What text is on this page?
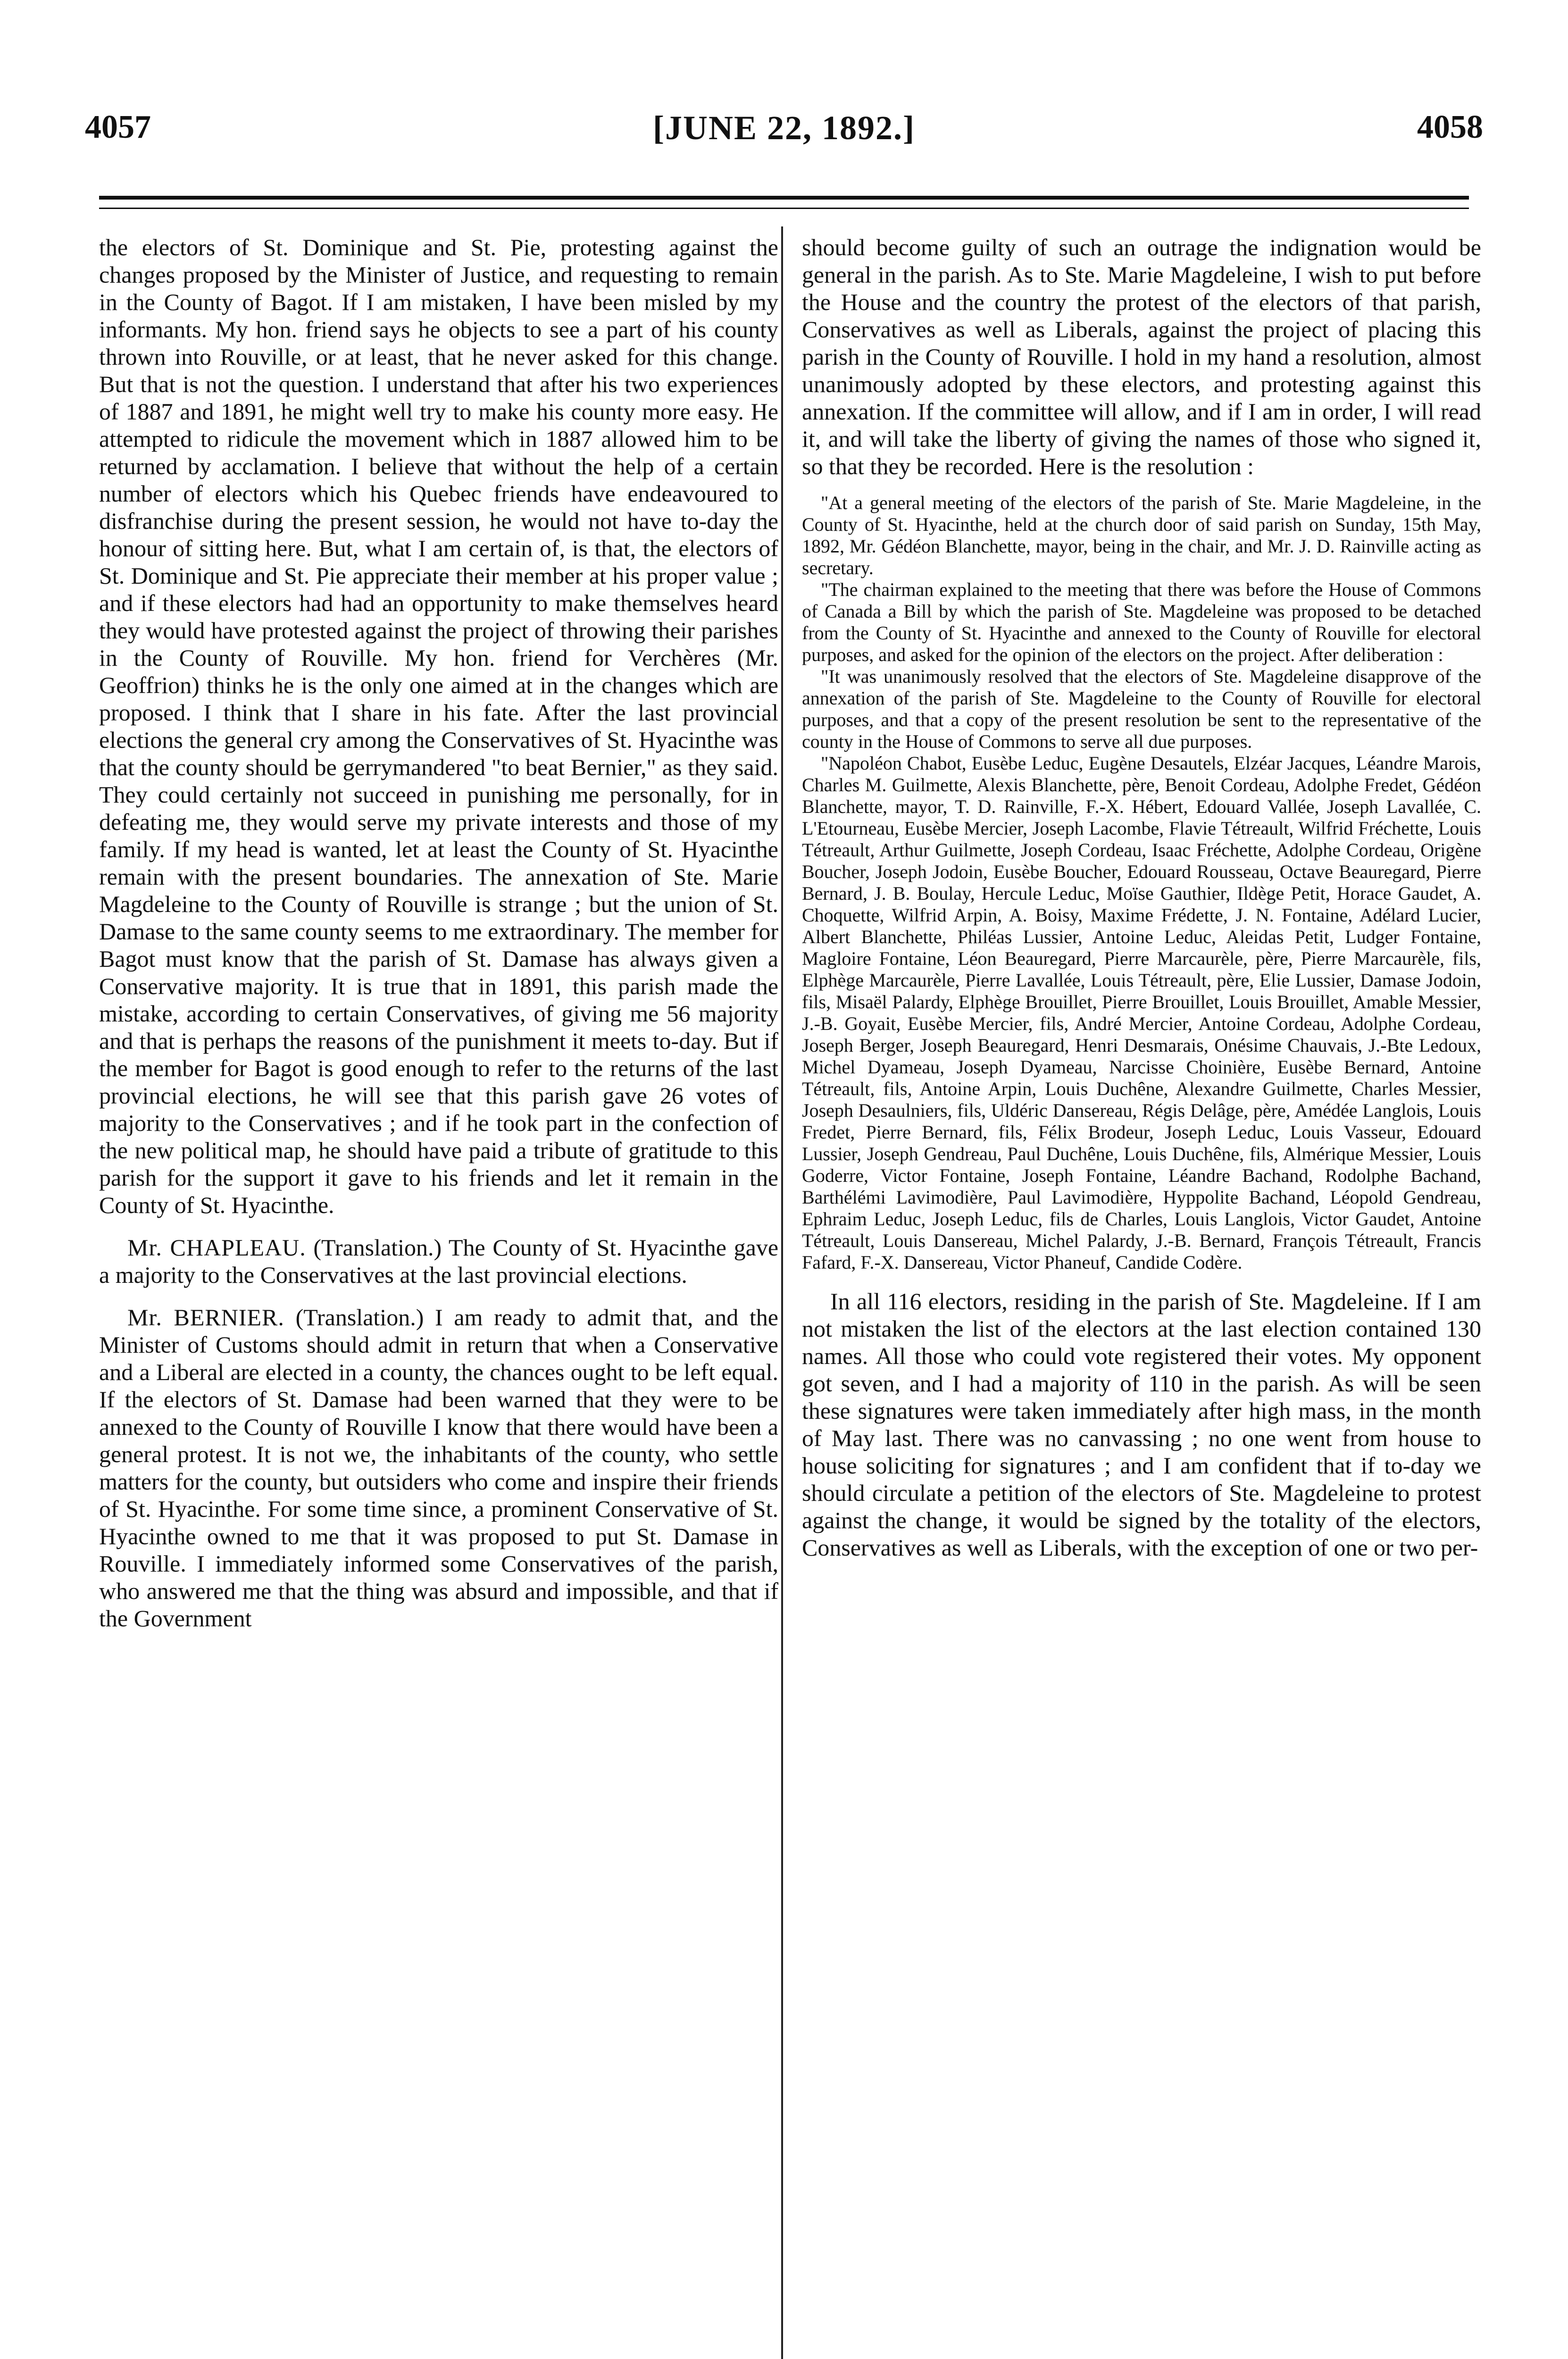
4057	[JUNE 22, 1892.]	4058

the electors of St. Dominique and St. Pie, protesting against the changes proposed by the Minister of Justice, and requesting to remain in the County of Bagot. If I am mistaken, I have been misled by my informants. My hon. friend says he objects to see a part of his county thrown into Rouville, or at least, that he never asked for this change. But that is not the question. I understand that after his two experiences of 1887 and 1891, he might well try to make his county more easy. He attempted to ridicule the movement which in 1887 allowed him to be returned by acclamation. I believe that without the help of a certain number of electors which his Quebec friends have endeavoured to disfranchise during the present session, he would not have to-day the honour of sitting here. But, what I am certain of, is that, the electors of St. Dominique and St. Pie appreciate their member at his proper value ; and if these electors had had an opportunity to make themselves heard they would have protested against the project of throwing their parishes in the County of Rouville. My hon. friend for Verchères (Mr. Geoffrion) thinks he is the only one aimed at in the changes which are proposed. I think that I share in his fate. After the last provincial elections the general cry among the Conservatives of St. Hyacinthe was that the county should be gerrymandered "to beat Bernier," as they said. They could certainly not succeed in punishing me personally, for in defeating me, they would serve my private interests and those of my family. If my head is wanted, let at least the County of St. Hyacinthe remain with the present boundaries. The annexation of Ste. Marie Magdeleine to the County of Rouville is strange ; but the union of St. Damase to the same county seems to me extraordinary. The member for Bagot must know that the parish of St. Damase has always given a Conservative majority. It is true that in 1891, this parish made the mistake, according to certain Conservatives, of giving me 56 majority and that is perhaps the reasons of the punishment it meets to-day. But if the member for Bagot is good enough to refer to the returns of the last provincial elections, he will see that this parish gave 26 votes of majority to the Conservatives ; and if he took part in the confection of the new political map, he should have paid a tribute of gratitude to this parish for the support it gave to his friends and let it remain in the County of St. Hyacinthe.

Mr. CHAPLEAU. (Translation.) The County of St. Hyacinthe gave a majority to the Conservatives at the last provincial elections.

Mr. BERNIER. (Translation.) I am ready to admit that, and the Minister of Customs should admit in return that when a Conservative and a Liberal are elected in a county, the chances ought to be left equal. If the electors of St. Damase had been warned that they were to be annexed to the County of Rouville I know that there would have been a general protest. It is not we, the inhabitants of the county, who settle matters for the county, but outsiders who come and inspire their friends of St. Hyacinthe. For some time since, a prominent Conservative of St. Hyacinthe owned to me that it was proposed to put St. Damase in Rouville. I immediately informed some Conservatives of the parish, who answered me that the thing was absurd and impossible, and that if the Government

should become guilty of such an outrage the indignation would be general in the parish. As to Ste. Marie Magdeleine, I wish to put before the House and the country the protest of the electors of that parish, Conservatives as well as Liberals, against the project of placing this parish in the County of Rouville. I hold in my hand a resolution, almost unanimously adopted by these electors, and protesting against this annexation. If the committee will allow, and if I am in order, I will read it, and will take the liberty of giving the names of those who signed it, so that they be recorded. Here is the resolution :

"At a general meeting of the electors of the parish of Ste. Marie Magdeleine, in the County of St. Hyacinthe, held at the church door of said parish on Sunday, 15th May, 1892, Mr. Gédéon Blanchette, mayor, being in the chair, and Mr. J. D. Rainville acting as secretary.

"The chairman explained to the meeting that there was before the House of Commons of Canada a Bill by which the parish of Ste. Magdeleine was proposed to be detached from the County of St. Hyacinthe and annexed to the County of Rouville for electoral purposes, and asked for the opinion of the electors on the project. After deliberation :

"It was unanimously resolved that the electors of Ste. Magdeleine disapprove of the annexation of the parish of Ste. Magdeleine to the County of Rouville for electoral purposes, and that a copy of the present resolution be sent to the representative of the county in the House of Commons to serve all due purposes.

"Napoléon Chabot, Eusèbe Leduc, Eugène Desautels, Elzéar Jacques, Léandre Marois, Charles M. Guilmette, Alexis Blanchette, père, Benoit Cordeau, Adolphe Fredet, Gédéon Blanchette, mayor, T. D. Rainville, F.-X. Hébert, Edouard Vallée, Joseph Lavallée, C. L'Etourneau, Eusèbe Mercier, Joseph Lacombe, Flavie Tétreault, Wilfrid Fréchette, Louis Tétreault, Arthur Guilmette, Joseph Cordeau, Isaac Fréchette, Adolphe Cordeau, Origène Boucher, Joseph Jodoin, Eusèbe Boucher, Edouard Rousseau, Octave Beauregard, Pierre Bernard, J. B. Boulay, Hercule Leduc, Moïse Gauthier, Ildège Petit, Horace Gaudet, A. Choquette, Wilfrid Arpin, A. Boisy, Maxime Frédette, J. N. Fontaine, Adélard Lucier, Albert Blanchette, Philéas Lussier, Antoine Leduc, Aleidas Petit, Ludger Fontaine, Magloire Fontaine, Léon Beauregard, Pierre Marcaurèle, père, Pierre Marcaurèle, fils, Elphège Marcaurèle, Pierre Lavallée, Louis Tétreault, père, Elie Lussier, Damase Jodoin, fils, Misaël Palardy, Elphège Brouillet, Pierre Brouillet, Louis Brouillet, Amable Messier, J.-B. Goyait, Eusèbe Mercier, fils, André Mercier, Antoine Cordeau, Adolphe Cordeau, Joseph Berger, Joseph Beauregard, Henri Desmarais, Onésime Chauvais, J.-Bte Ledoux, Michel Dyameau, Joseph Dyameau, Narcisse Choinière, Eusèbe Bernard, Antoine Tétreault, fils, Antoine Arpin, Louis Duchêne, Alexandre Guilmette, Charles Messier, Joseph Desaulniers, fils, Uldéric Dansereau, Régis Delâge, père, Amédée Langlois, Louis Fredet, Pierre Bernard, fils, Félix Brodeur, Joseph Leduc, Louis Vasseur, Edouard Lussier, Joseph Gendreau, Paul Duchêne, Louis Duchêne, fils, Almérique Messier, Louis Goderre, Victor Fontaine, Joseph Fontaine, Léandre Bachand, Rodolphe Bachand, Barthélémi Lavimodière, Paul Lavimodière, Hyppolite Bachand, Léopold Gendreau, Ephraim Leduc, Joseph Leduc, fils de Charles, Louis Langlois, Victor Gaudet, Antoine Tétreault, Louis Dansereau, Michel Palardy, J.-B. Bernard, François Tétreault, Francis Fafard, F.-X. Dansereau, Victor Phaneuf, Candide Codère.

In all 116 electors, residing in the parish of Ste. Magdeleine. If I am not mistaken the list of the electors at the last election contained 130 names. All those who could vote registered their votes. My opponent got seven, and I had a majority of 110 in the parish. As will be seen these signatures were taken immediately after high mass, in the month of May last. There was no canvassing ; no one went from house to house soliciting for signatures ; and I am confident that if to-day we should circulate a petition of the electors of Ste. Magdeleine to protest against the change, it would be signed by the totality of the electors, Conservatives as well as Liberals, with the exception of one or two per-
